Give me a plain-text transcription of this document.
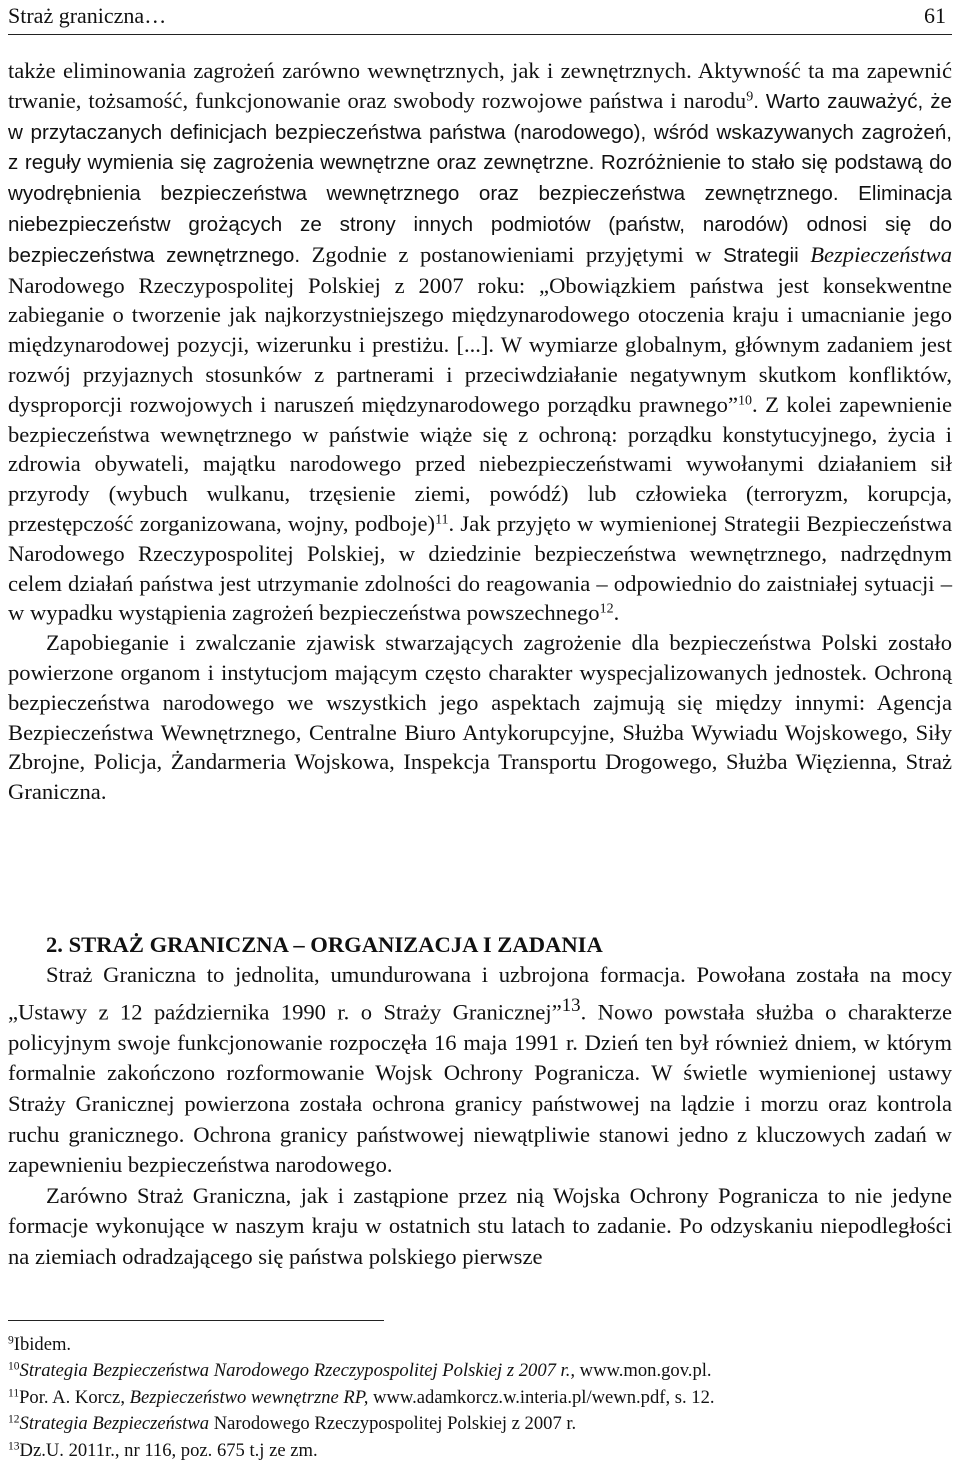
Straż graniczna…	61

także eliminowania zagrożeń zarówno wewnętrznych, jak i zewnętrznych. Aktywność ta ma zapewnić trwanie, tożsamość, funkcjonowanie oraz swobody rozwojowe państwa i narodu$^9$. Warto zauważyć, że w przytaczanych definicjach bezpieczeństwa państwa (narodowego), wśród wskazywanych zagrożeń, z reguły wymienia się zagrożenia wewnętrzne oraz zewnętrzne. Rozróżnienie to stało się podstawą do wyodrębnienia bezpieczeństwa wewnętrznego oraz bezpieczeństwa zewnętrznego. Eliminacja niebezpieczeństw grożących ze strony innych podmiotów (państw, narodów) odnosi się do bezpieczeństwa zewnętrznego. Zgodnie z postanowieniami przyjętymi w Strategii Bezpieczeństwa Narodowego Rzeczypospolitej Polskiej z 2007 roku: „Obowiązkiem państwa jest konsekwentne zabieganie o tworzenie jak najkorzystniejszego międzynarodowego otoczenia kraju i umacnianie jego międzynarodowej pozycji, wizerunku i prestiżu. [...]. W wymiarze globalnym, głównym zadaniem jest rozwój przyjaznych stosunków z partnerami i przeciwdziałanie negatywnym skutkom konfliktów, dysproporcji rozwojowych i naruszeń międzynarodowego porządku prawnego”$^{10}$. Z kolei zapewnienie bezpieczeństwa wewnętrznego w państwie wiąże się z ochroną: porządku konstytucyjnego, życia i zdrowia obywateli, majątku narodowego przed niebezpieczeństwami wywołanymi działaniem sił przyrody (wybuch wulkanu, trzęsienie ziemi, powódź) lub człowieka (terroryzm, korupcja, przestępczość zorganizowana, wojny, podboje)$^{11}$. Jak przyjęto w wymienionej Strategii Bezpieczeństwa Narodowego Rzeczypospolitej Polskiej, w dziedzinie bezpieczeństwa wewnętrznego, nadrzędnym celem działań państwa jest utrzymanie zdolności do reagowania – odpowiednio do zaistniałej sytuacji – w wypadku wystąpienia zagrożeń bezpieczeństwa powszechnego$^{12}$.

Zapobieganie i zwalczanie zjawisk stwarzających zagrożenie dla bezpieczeństwa Polski zostało powierzone organom i instytucjom mającym często charakter wyspecjalizowanych jednostek. Ochroną bezpieczeństwa narodowego we wszystkich jego aspektach zajmują się między innymi: Agencja Bezpieczeństwa Wewnętrznego, Centralne Biuro Antykorupcyjne, Służba Wywiadu Wojskowego, Siły Zbrojne, Policja, Żandarmeria Wojskowa, Inspekcja Transportu Drogowego, Służba Więzienna, Straż Graniczna.

2. STRAŻ GRANICZNA – ORGANIZACJA I ZADANIA

Straż Graniczna to jednolita, umundurowana i uzbrojona formacja. Powołana została na mocy „Ustawy z 12 października 1990 r. o Straży Granicznej”$^{13}$. Nowo powstała służba o charakterze policyjnym swoje funkcjonowanie rozpoczęła 16 maja 1991 r. Dzień ten był również dniem, w którym formalnie zakończono rozformowanie Wojsk Ochrony Pogranicza. W świetle wymienionej ustawy Straży Granicznej powierzona została ochrona granicy państwowej na lądzie i morzu oraz kontrola ruchu granicznego. Ochrona granicy państwowej niewątpliwie stanowi jedno z kluczowych zadań w zapewnieniu bezpieczeństwa narodowego.

Zarówno Straż Graniczna, jak i zastąpione przez nią Wojska Ochrony Pogranicza to nie jedyne formacje wykonujące w naszym kraju w ostatnich stu latach to zadanie. Po odzyskaniu niepodległości na ziemiach odradzającego się państwa polskiego pierwsze

$^9$Ibidem.

$^{10}$Strategia Bezpieczeństwa Narodowego Rzeczypospolitej Polskiej z 2007 r., www.mon.gov.pl.

$^{11}$Por. A. Korcz, Bezpieczeństwo wewnętrzne RP, www.adamkorcz.w.interia.pl/wewn.pdf, s. 12.

$^{12}$Strategia Bezpieczeństwa Narodowego Rzeczypospolitej Polskiej z 2007 r.

$^{13}$Dz.U. 2011r., nr 116, poz. 675 t.j ze zm.
